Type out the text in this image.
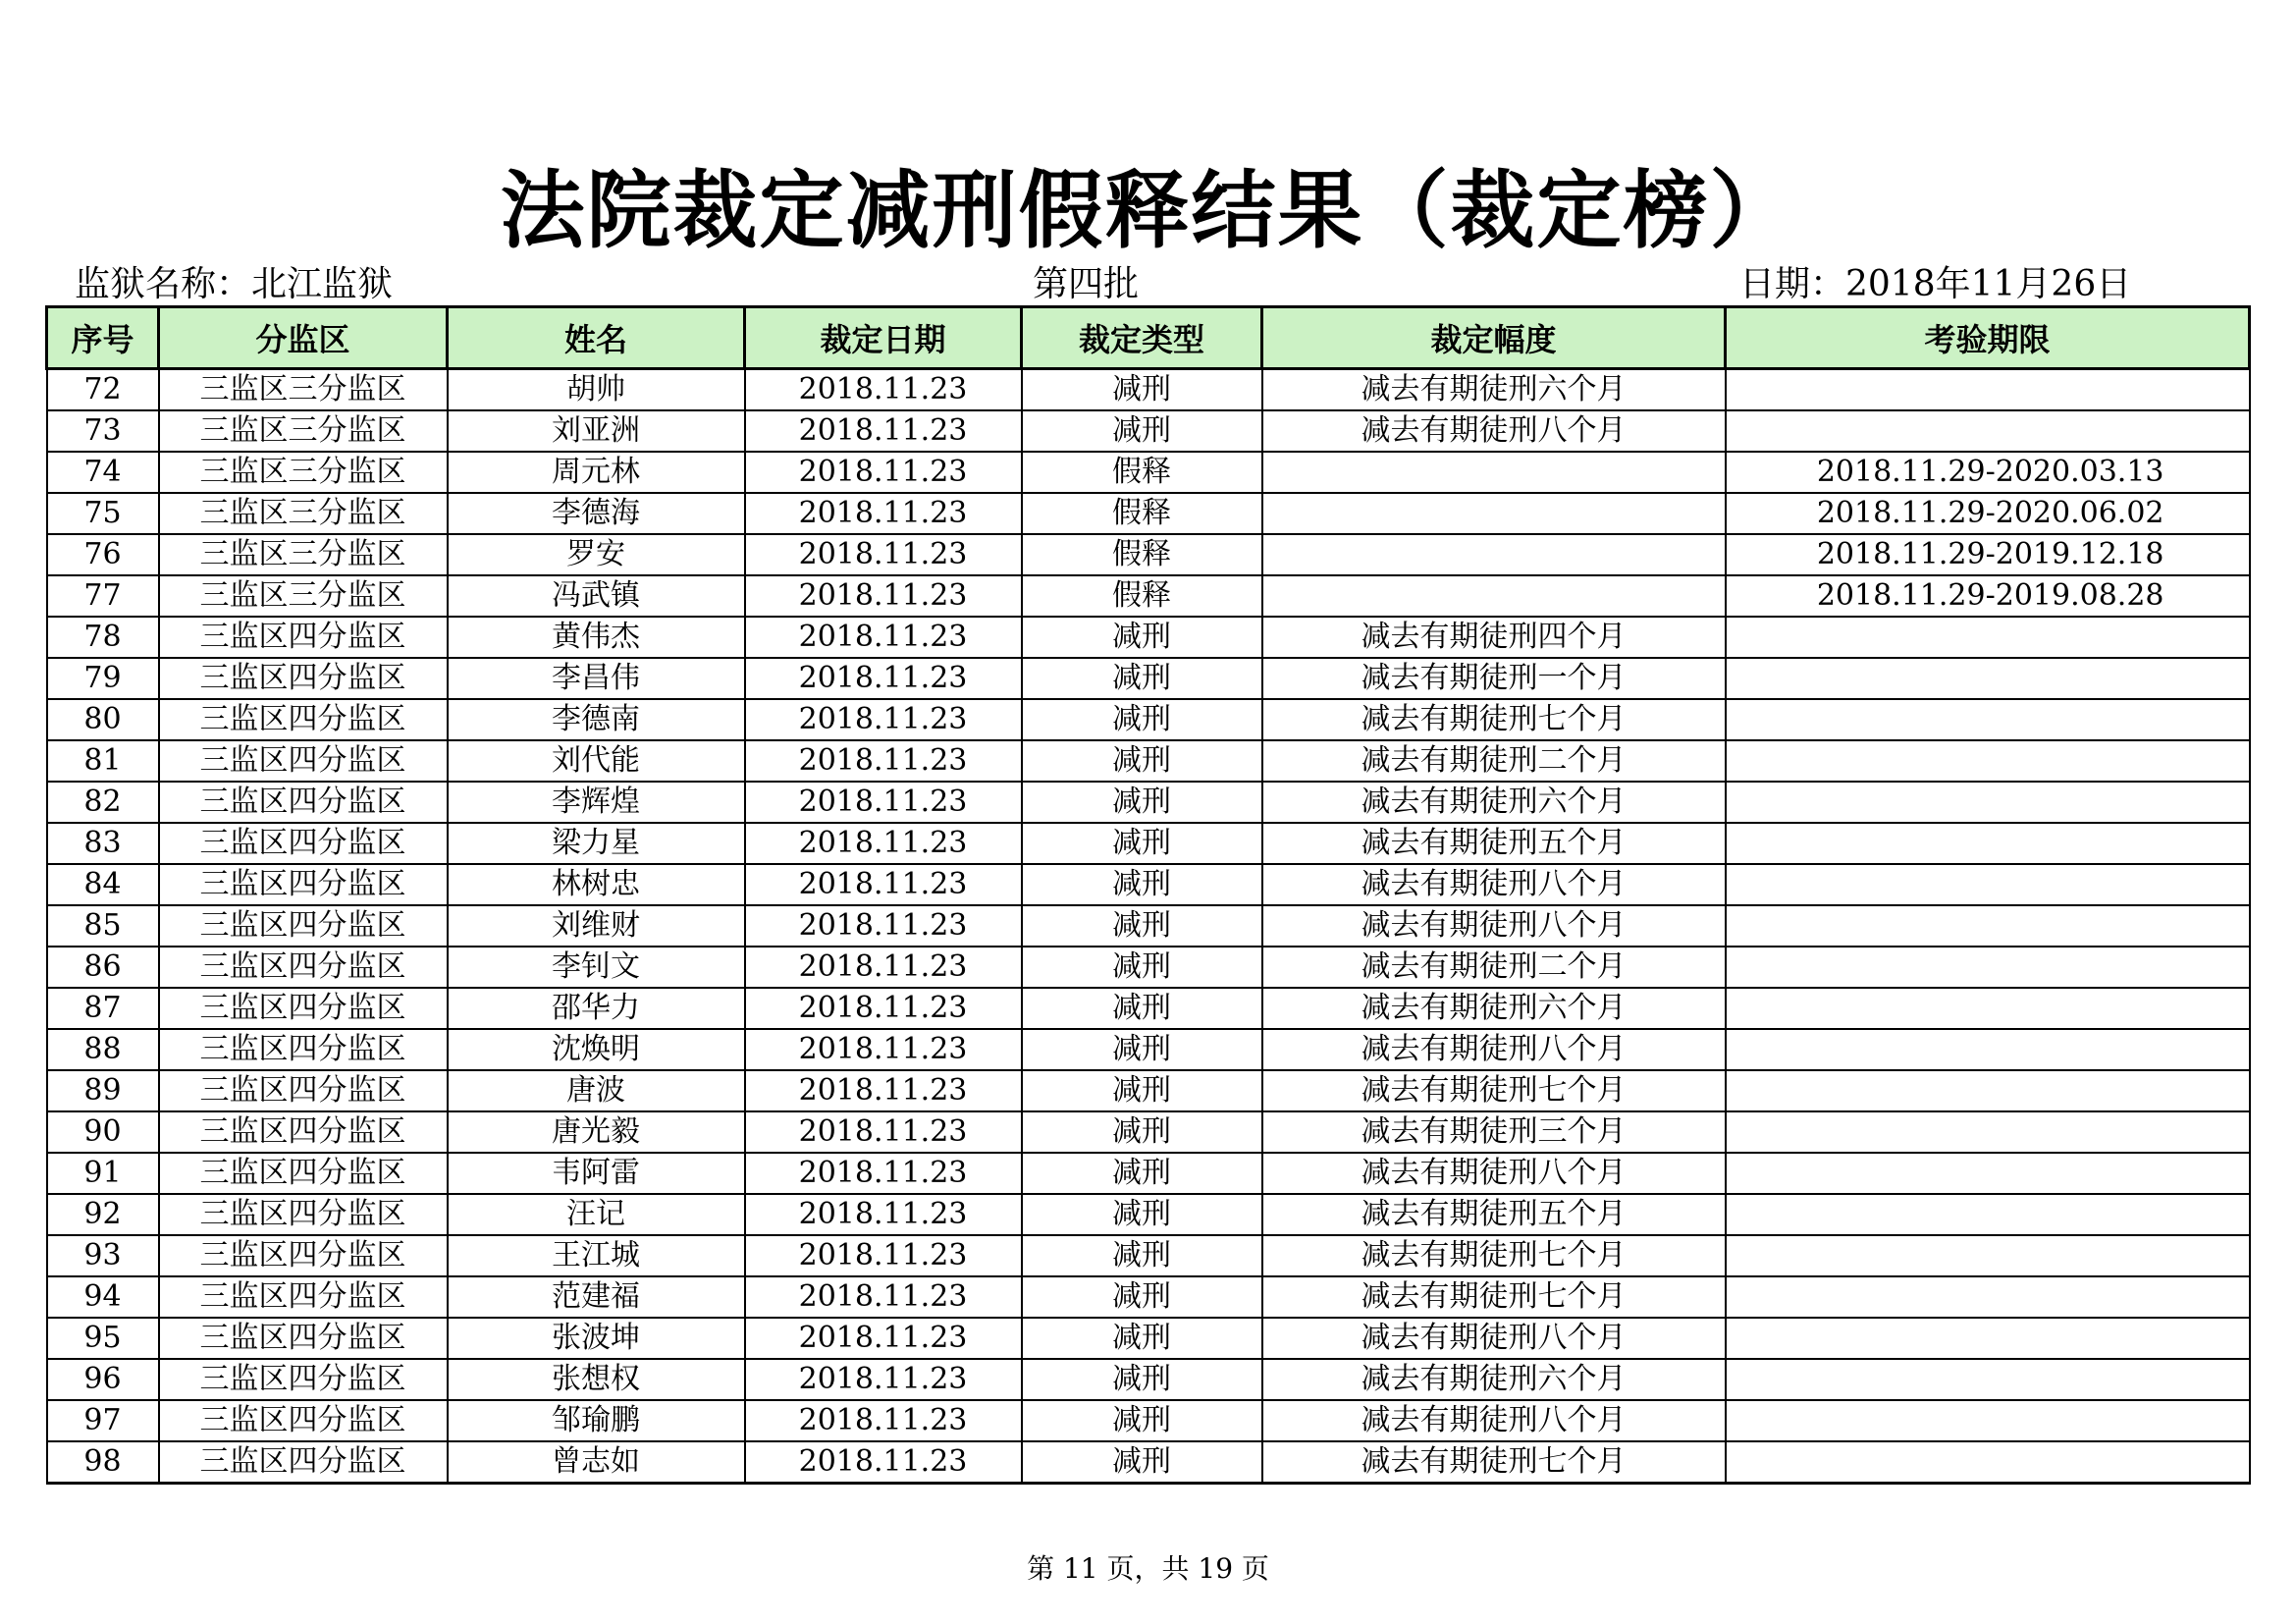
法院裁定减刑假释结果（裁定榜）
监狱名称：北江监狱	第四批	日期：2018年11月26日
序号	分监区	姓名	裁定日期	裁定类型	裁定幅度	考验期限
72	三监区三分监区	胡帅	2018.11.23	减刑	减去有期徒刑六个月	
73	三监区三分监区	刘亚洲	2018.11.23	减刑	减去有期徒刑八个月	
74	三监区三分监区	周元林	2018.11.23	假释		2018.11.29-2020.03.13
75	三监区三分监区	李德海	2018.11.23	假释		2018.11.29-2020.06.02
76	三监区三分监区	罗安	2018.11.23	假释		2018.11.29-2019.12.18
77	三监区三分监区	冯武镇	2018.11.23	假释		2018.11.29-2019.08.28
78	三监区四分监区	黄伟杰	2018.11.23	减刑	减去有期徒刑四个月	
79	三监区四分监区	李昌伟	2018.11.23	减刑	减去有期徒刑一个月	
80	三监区四分监区	李德南	2018.11.23	减刑	减去有期徒刑七个月	
81	三监区四分监区	刘代能	2018.11.23	减刑	减去有期徒刑二个月	
82	三监区四分监区	李辉煌	2018.11.23	减刑	减去有期徒刑六个月	
83	三监区四分监区	梁力星	2018.11.23	减刑	减去有期徒刑五个月	
84	三监区四分监区	林树忠	2018.11.23	减刑	减去有期徒刑八个月	
85	三监区四分监区	刘维财	2018.11.23	减刑	减去有期徒刑八个月	
86	三监区四分监区	李钊文	2018.11.23	减刑	减去有期徒刑二个月	
87	三监区四分监区	邵华力	2018.11.23	减刑	减去有期徒刑六个月	
88	三监区四分监区	沈焕明	2018.11.23	减刑	减去有期徒刑八个月	
89	三监区四分监区	唐波	2018.11.23	减刑	减去有期徒刑七个月	
90	三监区四分监区	唐光毅	2018.11.23	减刑	减去有期徒刑三个月	
91	三监区四分监区	韦阿雷	2018.11.23	减刑	减去有期徒刑八个月	
92	三监区四分监区	汪记	2018.11.23	减刑	减去有期徒刑五个月	
93	三监区四分监区	王江城	2018.11.23	减刑	减去有期徒刑七个月	
94	三监区四分监区	范建福	2018.11.23	减刑	减去有期徒刑七个月	
95	三监区四分监区	张波坤	2018.11.23	减刑	减去有期徒刑八个月	
96	三监区四分监区	张想权	2018.11.23	减刑	减去有期徒刑六个月	
97	三监区四分监区	邹瑜鹏	2018.11.23	减刑	减去有期徒刑八个月	
98	三监区四分监区	曾志如	2018.11.23	减刑	减去有期徒刑七个月	
第 11 页，共 19 页
